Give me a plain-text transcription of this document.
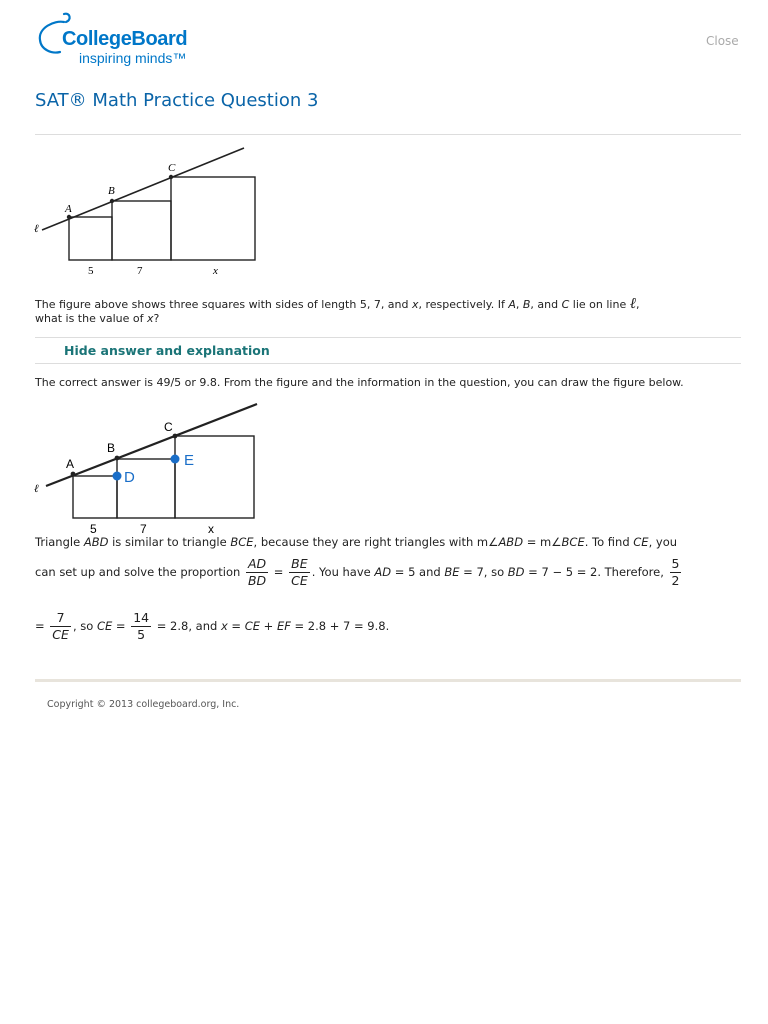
CollegeBoard
inspiring minds™
Close
SAT® Math Practice Question 3
A
B
C
ℓ
5	7	x
The figure above shows three squares with sides of length 5, 7, and x, respectively. If A, B, and C lie on line ℓ,
what is the value of x?
Hide answer and explanation
The correct answer is 49/5 or 9.8. From the figure and the information in the question, you can draw the figure below.
A
B
C
D
E
ℓ
5	7	x
Triangle ABD is similar to triangle BCE, because they are right triangles with m∠ABD = m∠BCE. To find CE, you
can set up and solve the proportion $\frac{AD}{BD} = \frac{BE}{CE}$ . You have AD = 5 and BE = 7, so BD = 7 − 5 = 2. Therefore, $\frac{5}{2}$
= $\frac{7}{CE}$ , so CE = $\frac{14}{5} = 2.8$, and x = CE + EF = 2.8 + 7 = 9.8.
Copyright © 2013 collegeboard.org, Inc.
